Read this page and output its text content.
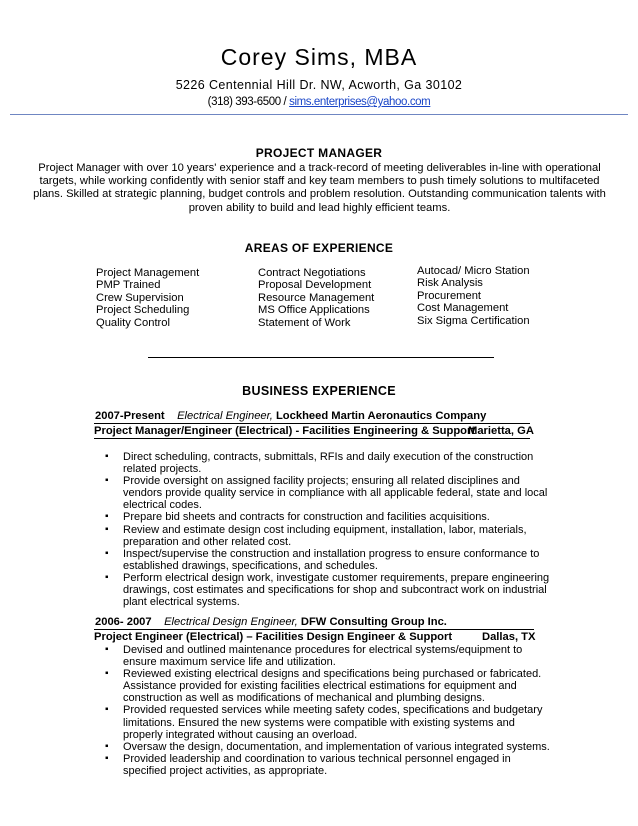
Corey Sims, MBA
5226 Centennial Hill Dr. NW, Acworth, Ga 30102
(318) 393-6500 / sims.enterprises@yahoo.com
PROJECT MANAGER
Project Manager with over 10 years' experience and a track-record of meeting deliverables in-line with operational targets, while working confidently with senior staff and key team members to push timely solutions to multifaceted plans. Skilled at strategic planning, budget controls and problem resolution. Outstanding communication talents with proven ability to build and lead highly efficient teams.
AREAS OF EXPERIENCE
Project Management
PMP Trained
Crew Supervision
Project Scheduling
Quality Control
Contract Negotiations
Proposal Development
Resource Management
MS Office Applications
Statement of Work
Autocad/ Micro Station
Risk Analysis
Procurement
Cost Management
Six Sigma Certification
BUSINESS EXPERIENCE
2007-Present Electrical Engineer, Lockheed Martin Aeronautics Company
Project Manager/Engineer (Electrical) - Facilities Engineering & Support
Marietta, GA
▪ Direct scheduling, contracts, submittals, RFIs and daily execution of the construction related projects.
▪ Provide oversight on assigned facility projects; ensuring all related disciplines and vendors provide quality service in compliance with all applicable federal, state and local electrical codes.
▪ Prepare bid sheets and contracts for construction and facilities acquisitions.
▪ Review and estimate design cost including equipment, installation, labor, materials, preparation and other related cost.
▪ Inspect/supervise the construction and installation progress to ensure conformance to established drawings, specifications, and schedules.
▪ Perform electrical design work, investigate customer requirements, prepare engineering drawings, cost estimates and specifications for shop and subcontract work on industrial plant electrical systems.
2006- 2007 Electrical Design Engineer, DFW Consulting Group Inc.
Project Engineer (Electrical) – Facilities Design Engineer & Support	Dallas, TX
▪ Devised and outlined maintenance procedures for electrical systems/equipment to ensure maximum service life and utilization.
▪ Reviewed existing electrical designs and specifications being purchased or fabricated. Assistance provided for existing facilities electrical estimations for equipment and construction as well as modifications of mechanical and plumbing designs.
▪ Provided requested services while meeting safety codes, specifications and budgetary limitations. Ensured the new systems were compatible with existing systems and properly integrated without causing an overload.
▪ Oversaw the design, documentation, and implementation of various integrated systems.
▪ Provided leadership and coordination to various technical personnel engaged in specified project activities, as appropriate.
